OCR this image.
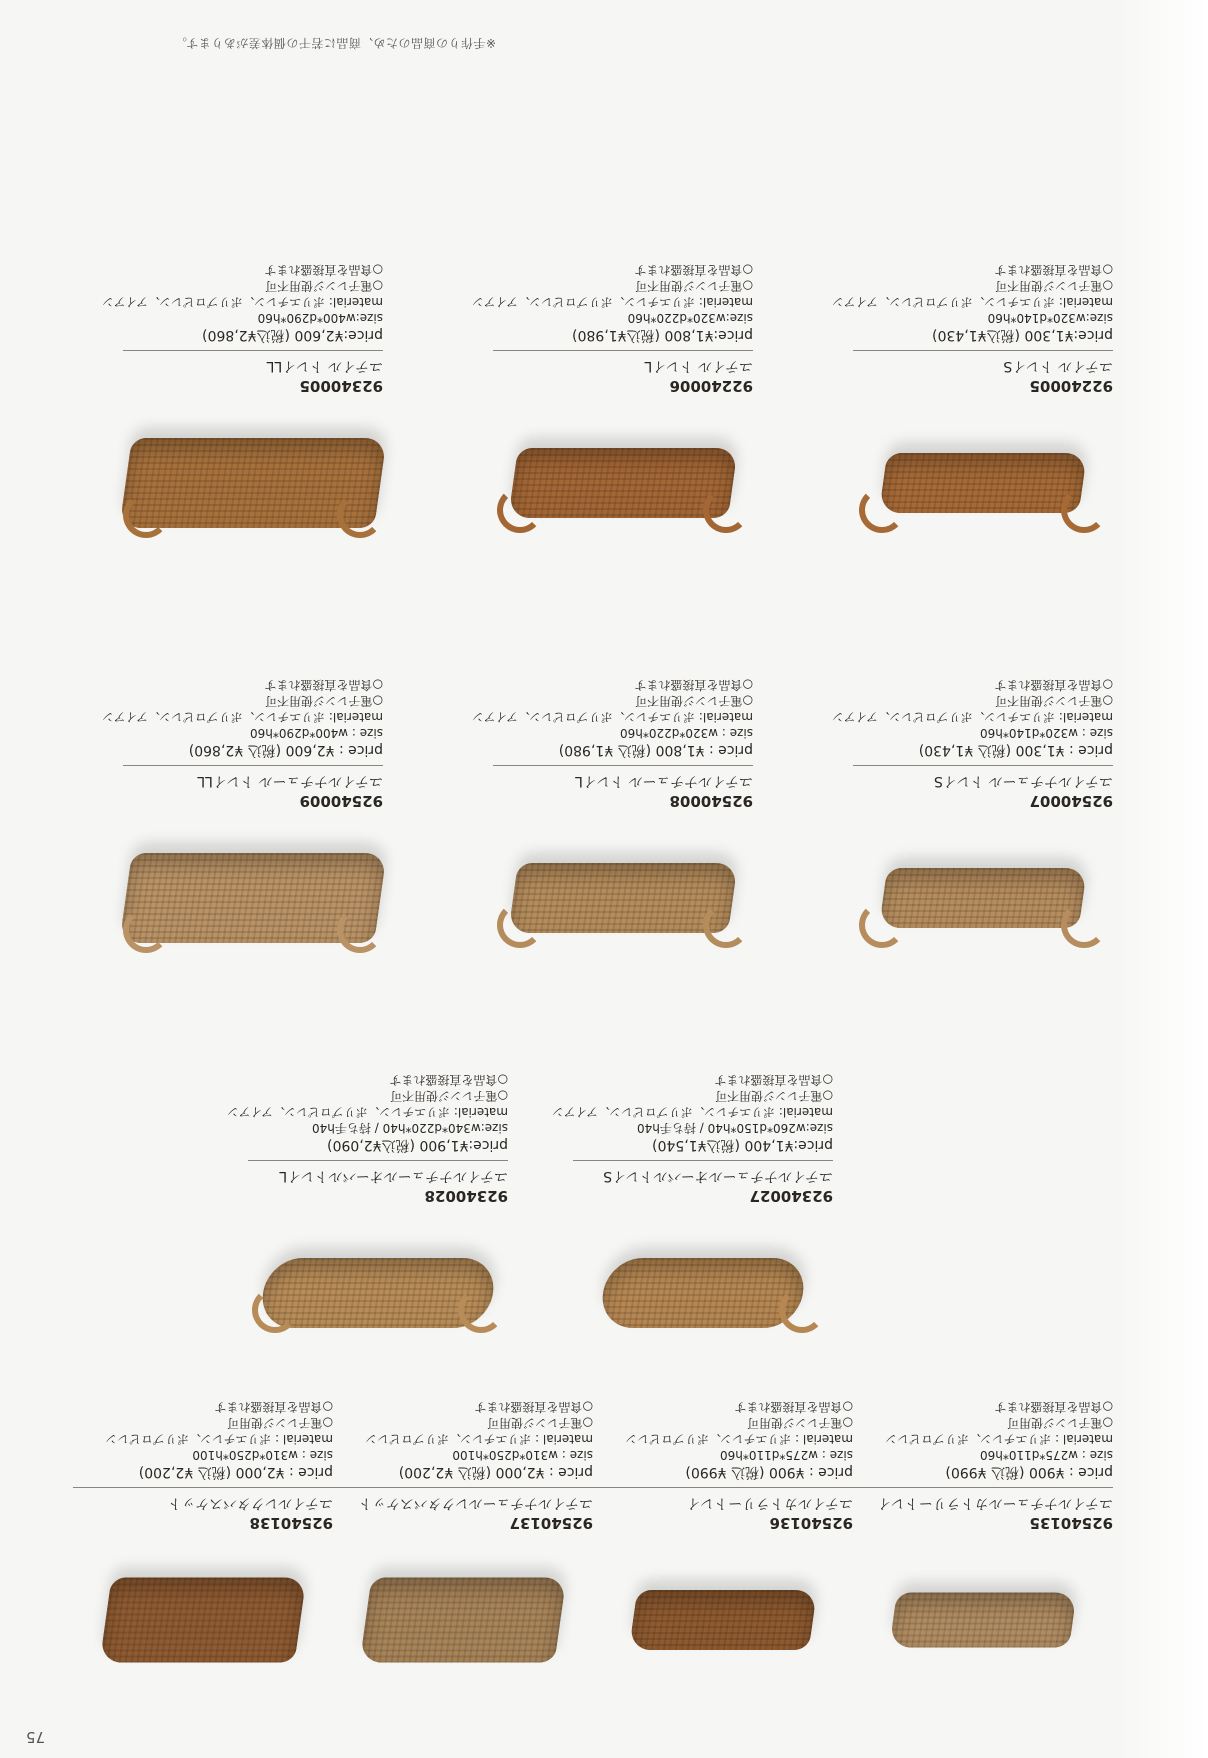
75
※手作りの商品のため、商品に若干の個体差があります。
92240005
ユテイル トレイS
price:¥1,300 (税込¥1,430)
size:w320*d140*h60
material: ポリエチレン、ポリプロピレン、アイアン
○電子レンジ使用不可
○食品を直接盛れます
92240006
ユテイル トレイL
price:¥1,800 (税込¥1,980)
size:w320*d220*h60
material: ポリエチレン、ポリプロピレン、アイアン
○電子レンジ使用不可
○食品を直接盛れます
92340005
ユテイル トレイLL
price:¥2,600 (税込¥2,860)
size:w400*d290*h60
material: ポリエチレン、ポリプロピレン、アイアン
○電子レンジ使用不可
○食品を直接盛れます
92540007
ユテイルナチュール トレイS
price : ¥1,300 (税込 ¥1,430)
size : w320*d140*h60
material: ポリエチレン、ポリプロピレン、アイアン
○電子レンジ使用不可
○食品を直接盛れます
92540008
ユテイルナチュール トレイL
price : ¥1,800 (税込 ¥1,980)
size : w320*d220*h60
material: ポリエチレン、ポリプロピレン、アイアン
○電子レンジ使用不可
○食品を直接盛れます
92540009
ユテイルナチュール トレイLL
price : ¥2,600 (税込 ¥2,860)
size : w400*d290*h60
material: ポリエチレン、ポリプロピレン、アイアン
○電子レンジ使用不可
○食品を直接盛れます
92340027
ユテイルナチュールオーバルトレイS
price:¥1,400 (税込¥1,540)
size:w260*d150*h40 / 持ち手h40
material: ポリエチレン、ポリプロピレン、アイアン
○電子レンジ使用不可
○食品を直接盛れます
92340028
ユテイルナチュールオーバルトレイL
price:¥1,900 (税込¥2,090)
size:w340*d220*h40 / 持ち手h40
material: ポリエチレン、ポリプロピレン、アイアン
○電子レンジ使用不可
○食品を直接盛れます
92540135
ユテイルナチュールカトラリートレイ
price : ¥900 (税込 ¥990)
size : w275*d110*h60
material : ポリエチレン、ポリプロピレン
○電子レンジ使用可
○食品を直接盛れます
92540136
ユテイルカトラリートレイ
price : ¥900 (税込 ¥990)
size : w275*d110*h60
material : ポリエチレン、ポリプロピレン
○電子レンジ使用可
○食品を直接盛れます
92540137
ユテイルナチュールレクタバスケット
price : ¥2,000 (税込 ¥2,200)
size : w310*d250*h100
material : ポリエチレン、ポリプロピレン
○電子レンジ使用可
○食品を直接盛れます
92540138
ユテイルレクタバスケット
price : ¥2,000 (税込 ¥2,200)
size : w310*d250*h100
material : ポリエチレン、ポリプロピレン
○電子レンジ使用可
○食品を直接盛れます
